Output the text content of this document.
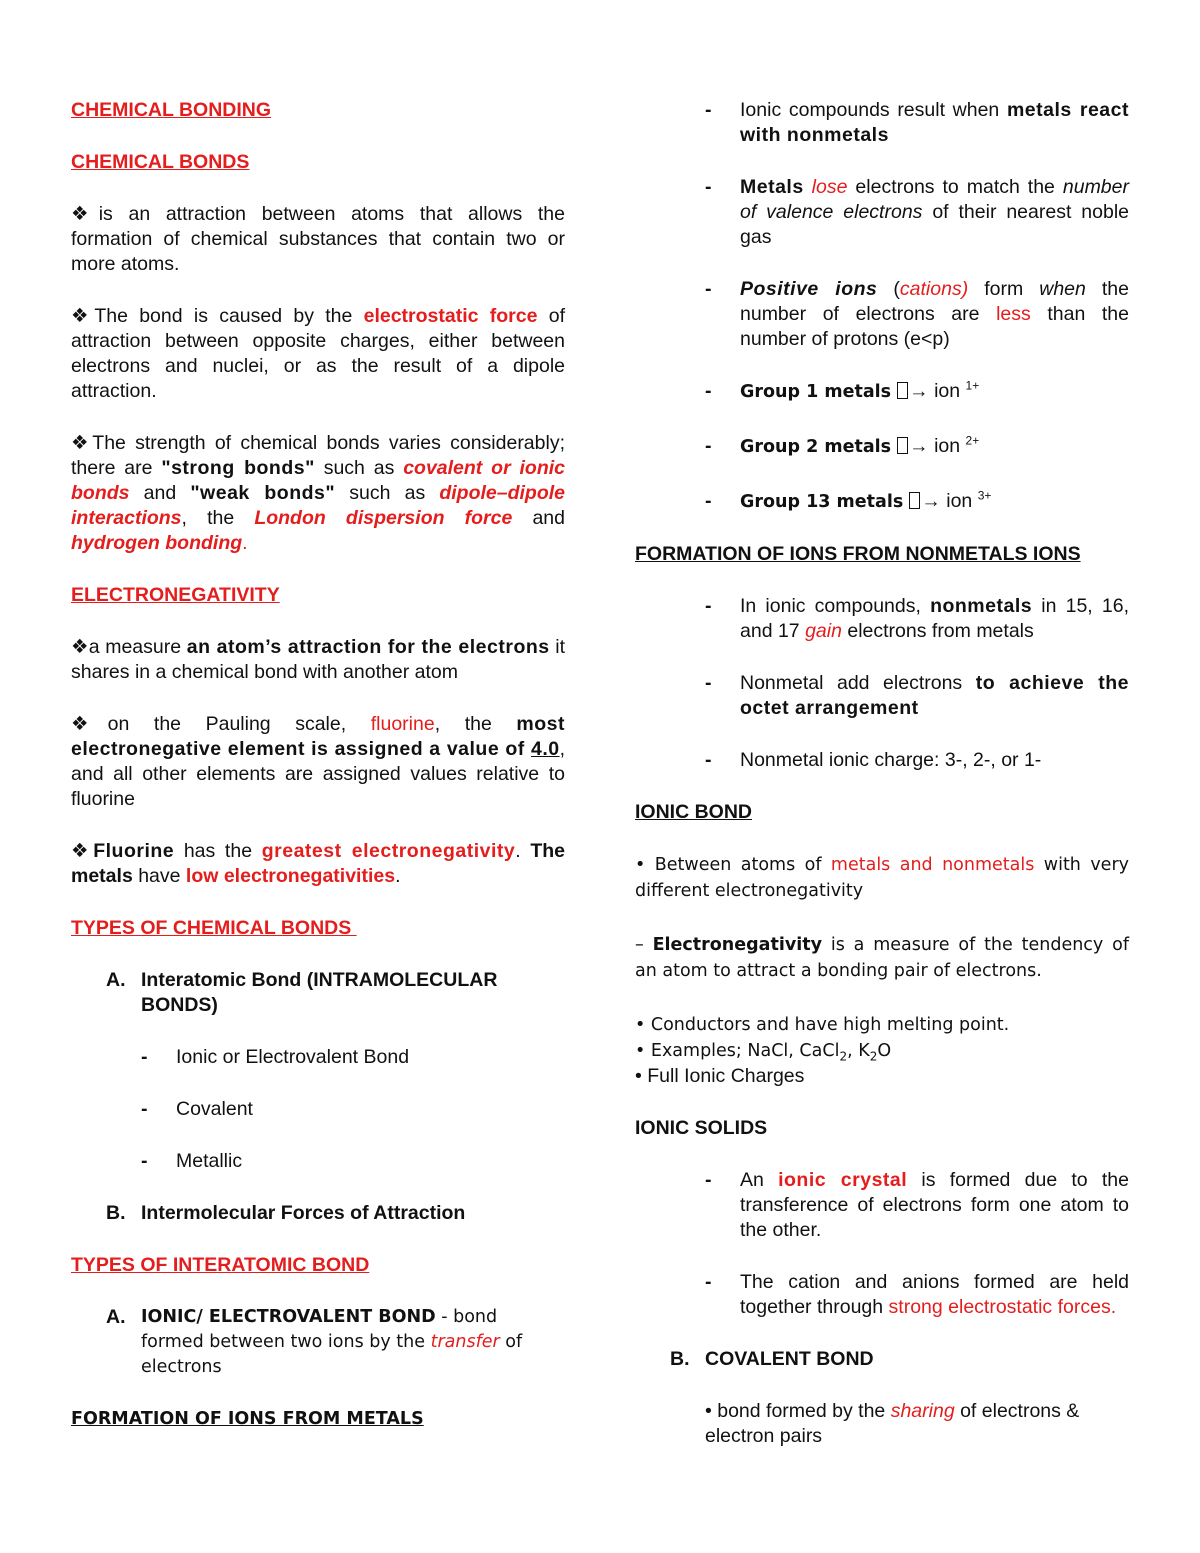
CHEMICAL BONDING
CHEMICAL BONDS

❖is an attraction between atoms that allows the formation of chemical substances that contain two or more atoms.

❖The bond is caused by the electrostatic force of attraction between opposite charges, either between electrons and nuclei, or as the result of a dipole attraction.

❖The strength of chemical bonds varies considerably; there are "strong bonds" such as covalent or ionic bonds and "weak bonds" such as dipole–dipole interactions, the London dispersion force and hydrogen bonding.

ELECTRONEGATIVITY

❖a measure an atom’s attraction for the electrons it shares in a chemical bond with another atom

❖on the Pauling scale, fluorine, the most electronegative element is assigned a value of 4.0, and all other elements are assigned values relative to fluorine

❖Fluorine has the greatest electronegativity. The metals have low electronegativities.

TYPES OF CHEMICAL BONDS
A. Interatomic Bond (INTRAMOLECULAR BONDS)
-	Ionic or Electrovalent Bond
-	Covalent
-	Metallic
B. Intermolecular Forces of Attraction
TYPES OF INTERATOMIC BOND
A. IONIC/ ELECTROVALENT BOND - bond formed between two ions by the transfer of electrons

FORMATION OF IONS FROM METALS

-	Ionic compounds result when metals react with nonmetals
-	Metals lose electrons to match the number of valence electrons of their nearest noble gas
-	Positive ions (cations) form when the number of electrons are less than the number of protons (e<p)
-	Group 1 metals → ion $^{1+}$
-	Group 2 metals → ion $^{2+}$
-	Group 13 metals → ion $^{3+}$

FORMATION OF IONS FROM NONMETALS IONS

-	In ionic compounds, nonmetals in 15, 16, and 17 gain electrons from metals
-	Nonmetal add electrons to achieve the octet arrangement
-	Nonmetal ionic charge: 3-, 2-, or 1-

IONIC BOND

• Between atoms of metals and nonmetals with very different electronegativity

– Electronegativity is a measure of the tendency of an atom to attract a bonding pair of electrons.

• Conductors and have high melting point.

• Examples; NaCl, CaCl$_2$, $K_2O$

• Full Ionic Charges

IONIC SOLIDS

-	An ionic crystal is formed due to the transference of electrons form one atom to the other.
-	The cation and anions formed are held together through strong electrostatic forces.
B. COVALENT BOND

• bond formed by the sharing of electrons & electron pairs
